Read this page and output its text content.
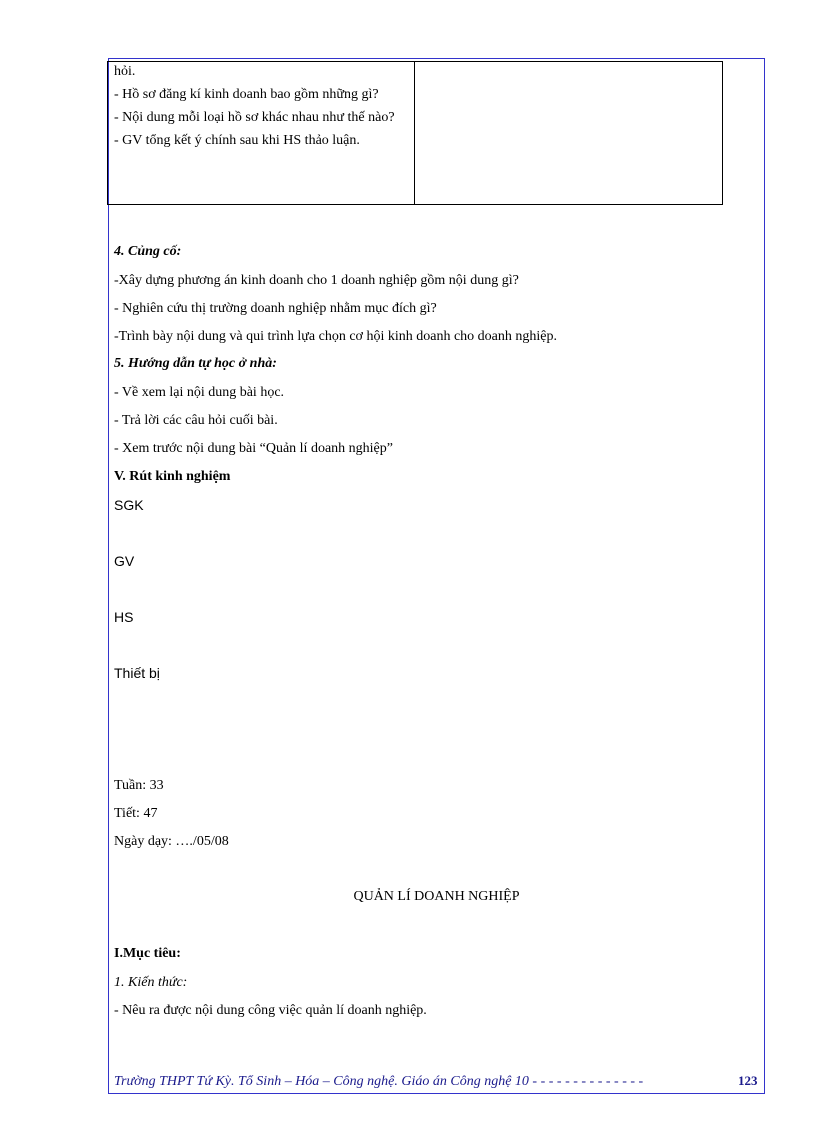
hỏi.

- Hồ sơ đăng kí kinh doanh bao gồm những gì?

- Nội dung mỗi loại hồ sơ khác nhau như thế nào?

- GV tổng kết ý chính sau khi HS thảo luận.

4. Củng cố:
-Xây dựng phương án kinh doanh cho 1 doanh nghiệp gồm nội dung gì?
- Nghiên cứu thị trường doanh nghiệp nhằm mục đích gì?
-Trình bày nội dung và qui trình lựa chọn cơ hội kinh doanh cho doanh nghiệp.
5. Hướng dẫn tự học ở nhà:
- Về xem lại nội dung bài học.
- Trả lời các câu hỏi cuối bài.
- Xem trước nội dung bài “Quản lí doanh nghiệp”
V. Rút kinh nghiệm
SGK
GV
HS
Thiết bị
Tuần: 33
Tiết: 47
Ngày dạy: …./05/08
QUẢN LÍ DOANH NGHIỆP
I.Mục tiêu:
1. Kiến thức:
- Nêu ra được nội dung công việc quản lí doanh nghiệp.
Trường THPT Tứ Kỳ. Tổ Sinh – Hóa – Công nghệ. Giáo án Công nghệ 10 - - - - - - - - - - - - - -	123
